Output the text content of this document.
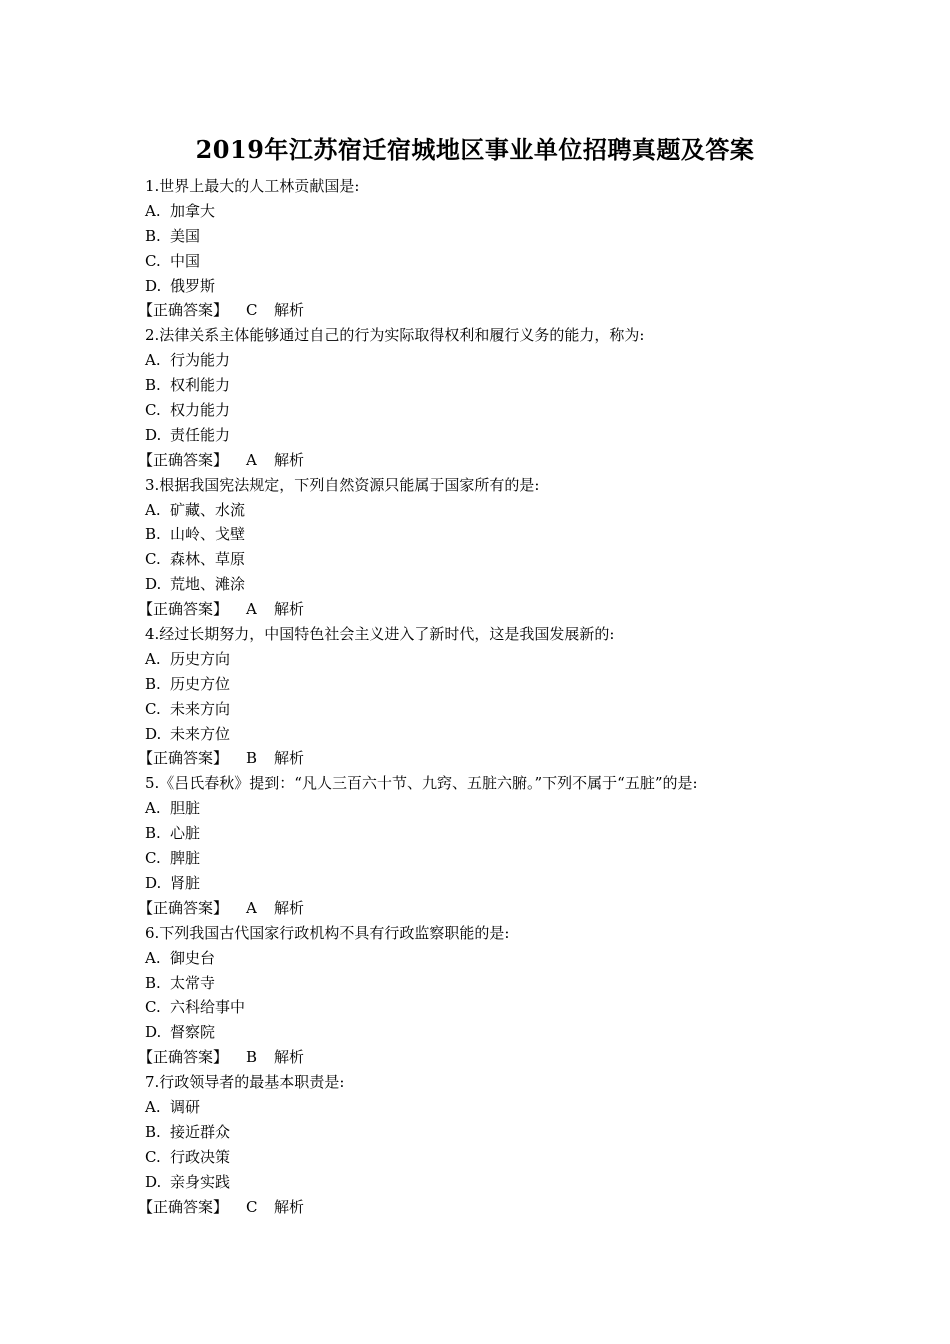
2019年江苏宿迁宿城地区事业单位招聘真题及答案
1.世界上最大的人工林贡献国是:
A. 加拿大
B. 美国
C. 中国
D. 俄罗斯
【正确答案】 C 解析
2.法律关系主体能够通过自己的行为实际取得权利和履行义务的能力，称为:
A. 行为能力
B. 权利能力
C. 权力能力
D. 责任能力
【正确答案】 A 解析
3.根据我国宪法规定，下列自然资源只能属于国家所有的是:
A. 矿藏、水流
B. 山岭、戈壁
C. 森林、草原
D. 荒地、滩涂
【正确答案】 A 解析
4.经过长期努力，中国特色社会主义进入了新时代，这是我国发展新的:
A. 历史方向
B. 历史方位
C. 未来方向
D. 未来方位
【正确答案】 B 解析
5.《吕氏春秋》提到：“凡人三百六十节、九窍、五脏六腑。”下列不属于“五脏”的是:
A. 胆脏
B. 心脏
C. 脾脏
D. 肾脏
【正确答案】 A 解析
6.下列我国古代国家行政机构不具有行政监察职能的是:
A. 御史台
B. 太常寺
C. 六科给事中
D. 督察院
【正确答案】 B 解析
7.行政领导者的最基本职责是:
A. 调研
B. 接近群众
C. 行政决策
D. 亲身实践
【正确答案】 C 解析
